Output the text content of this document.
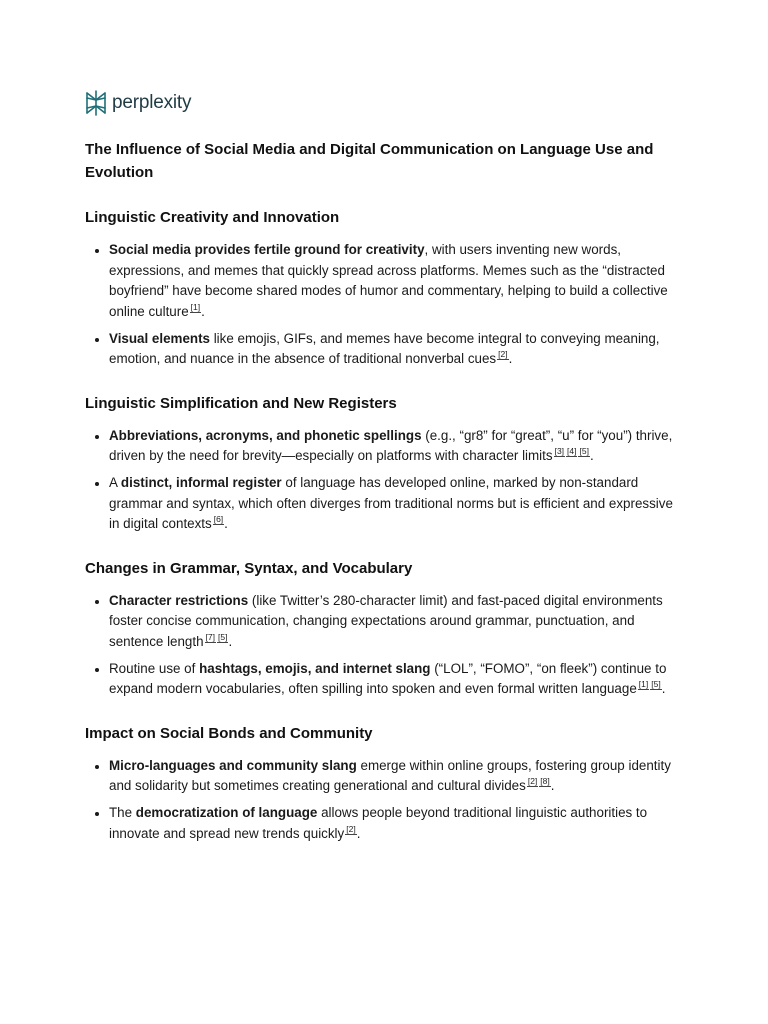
perplexity
The Influence of Social Media and Digital Communication on Language Use and Evolution
Linguistic Creativity and Innovation
• Social media provides fertile ground for creativity, with users inventing new words, expressions, and memes that quickly spread across platforms. Memes such as the “distracted boyfriend” have become shared modes of humor and commentary, helping to build a collective online culture [1].
• Visual elements like emojis, GIFs, and memes have become integral to conveying meaning, emotion, and nuance in the absence of traditional nonverbal cues [2].
Linguistic Simplification and New Registers
• Abbreviations, acronyms, and phonetic spellings (e.g., “gr8” for “great”, “u” for “you”) thrive, driven by the need for brevity—especially on platforms with character limits [3] [4] [5].
• A distinct, informal register of language has developed online, marked by non-standard grammar and syntax, which often diverges from traditional norms but is efficient and expressive in digital contexts [6].
Changes in Grammar, Syntax, and Vocabulary
• Character restrictions (like Twitter’s 280-character limit) and fast-paced digital environments foster concise communication, changing expectations around grammar, punctuation, and sentence length [7] [5].
• Routine use of hashtags, emojis, and internet slang (“LOL”, “FOMO”, “on fleek”) continue to expand modern vocabularies, often spilling into spoken and even formal written language [1] [5].
Impact on Social Bonds and Community
• Micro-languages and community slang emerge within online groups, fostering group identity and solidarity but sometimes creating generational and cultural divides [2] [8].
• The democratization of language allows people beyond traditional linguistic authorities to innovate and spread new trends quickly [2].
